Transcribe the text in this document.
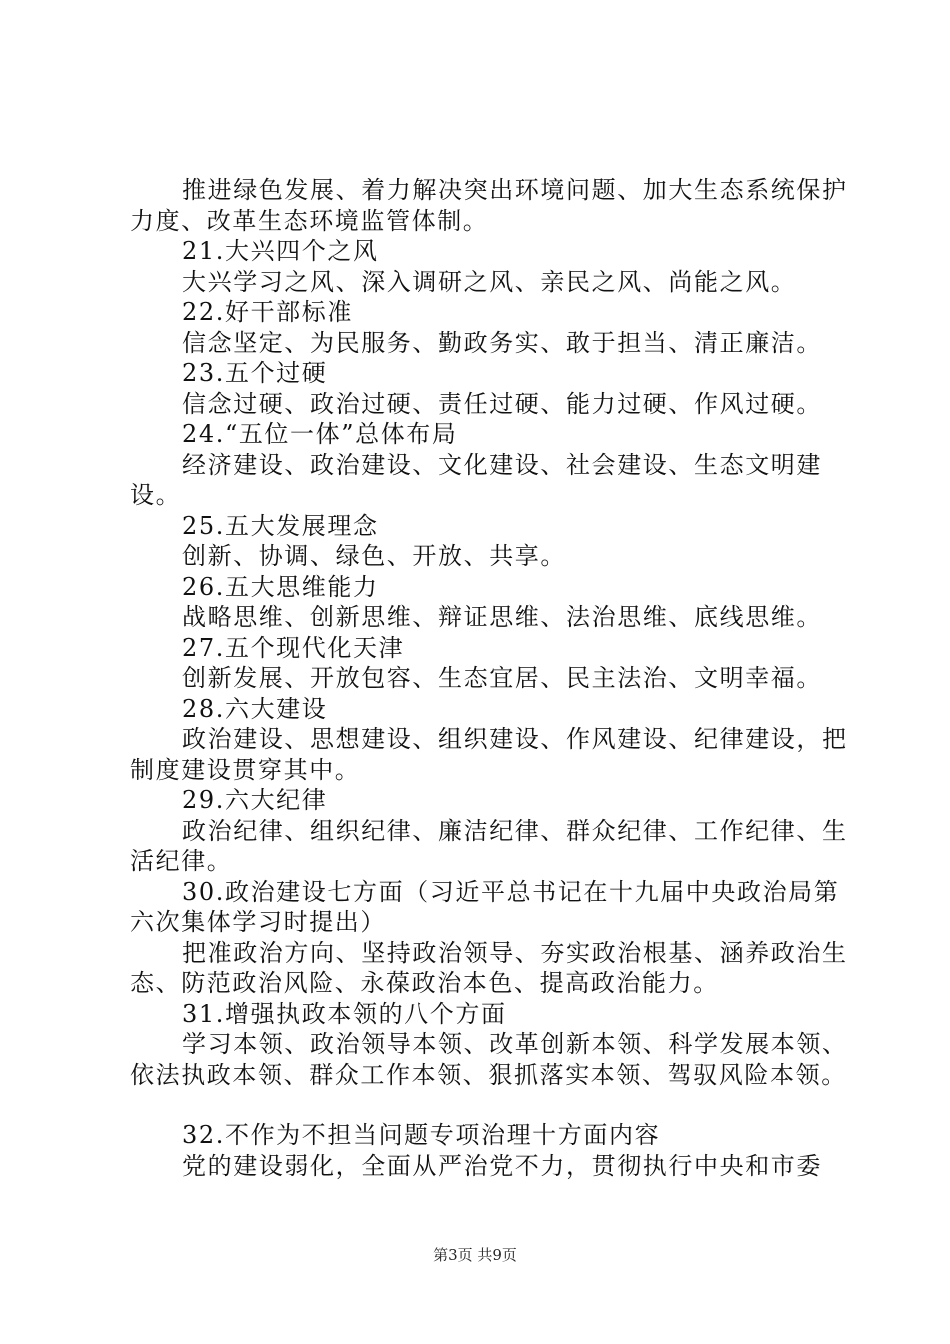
推进绿色发展、着力解决突出环境问题、加大生态系统保护力度、改革生态环境监管体制。

21.大兴四个之风

大兴学习之风、深入调研之风、亲民之风、尚能之风。

22.好干部标准

信念坚定、为民服务、勤政务实、敢于担当、清正廉洁。

23.五个过硬

信念过硬、政治过硬、责任过硬、能力过硬、作风过硬。

24.“五位一体”总体布局

经济建设、政治建设、文化建设、社会建设、生态文明建设。

25.五大发展理念

创新、协调、绿色、开放、共享。

26.五大思维能力

战略思维、创新思维、辩证思维、法治思维、底线思维。

27.五个现代化天津

创新发展、开放包容、生态宜居、民主法治、文明幸福。

28.六大建设

政治建设、思想建设、组织建设、作风建设、纪律建设，把制度建设贯穿其中。

29.六大纪律

政治纪律、组织纪律、廉洁纪律、群众纪律、工作纪律、生活纪律。

30.政治建设七方面（习近平总书记在十九届中央政治局第六次集体学习时提出）

把准政治方向、坚持政治领导、夯实政治根基、涵养政治生态、防范政治风险、永葆政治本色、提高政治能力。

31.增强执政本领的八个方面

学习本领、政治领导本领、改革创新本领、科学发展本领、依法执政本领、群众工作本领、狠抓落实本领、驾驭风险本领。

32.不作为不担当问题专项治理十方面内容

党的建设弱化，全面从严治党不力，贯彻执行中央和市委

第3页 共9页
